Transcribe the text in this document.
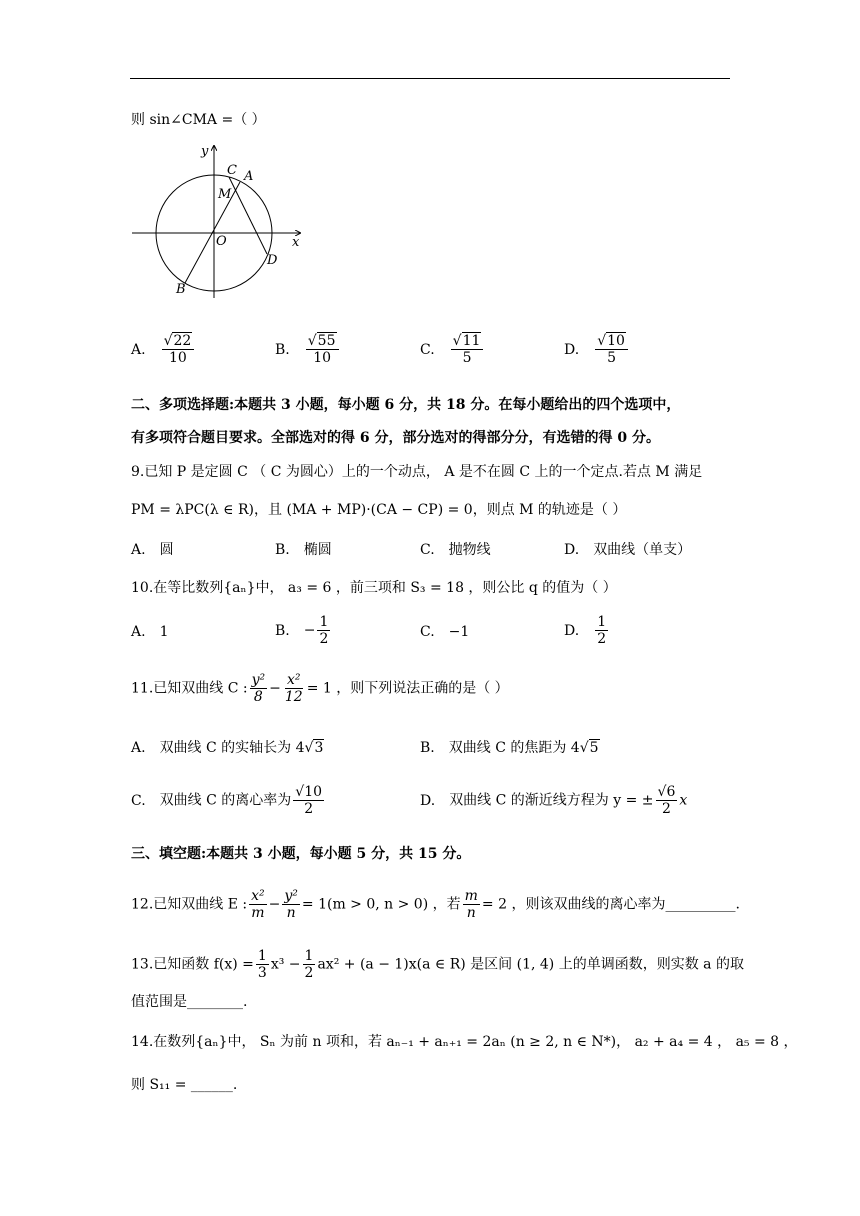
则 sin∠CMA =（ ）
y
x
O
C A
M
D
B
A. $\frac{√22}{10}$	B. $\frac{√55}{10}$	C. $\frac{√11}{5}$	D. $\frac{√10}{5}$
二、多项选择题:本题共 3 小题，每小题 6 分，共 18 分。在每小题给出的四个选项中，
有多项符合题目要求。全部选对的得 6 分，部分选对的得部分分，有选错的得 0 分。
9.已知 P 是定圆 C （ C 为圆心）上的一个动点， A 是不在圆 C 上的一个定点.若点 M 满足
PM = λPC(λ ∈ R)，且 (MA + MP)·(CA − CP) = 0，则点 M 的轨迹是（ ）
A. 圆	B. 椭圆	C. 抛物线	D. 双曲线（单支）
10.在等比数列{aₙ}中， a₃ = 6 ，前三项和 S₃ = 18 ，则公比 q 的值为（ ）
A. 1	B. − $\frac{1}{2}$	C. −1	D. $\frac{1}{2}$
11.已知双曲线 C : $\frac{\text{y²}}{8} - \frac{\text{x²}}{12} = 1$ ，则下列说法正确的是（ ）
A. 双曲线 C 的实轴长为 4√3	B. 双曲线 C 的焦距为 4√5
C. 双曲线 C 的离心率为 $\frac{√10}{2}$	D. 双曲线 C 的渐近线方程为 y = ± $\frac{√6}{2}$ x
三、填空题:本题共 3 小题，每小题 5 分，共 15 分。
12.已知双曲线 E : $\frac{\text{x²}}{m} - \frac{\text{y²}}{n} = 1(m > 0$, n > 0) ，若 $\frac{m}{n} = 2$ ，则该双曲线的离心率为__________.
13.已知函数 $f(x) = \frac{1}{3} x^3 - \frac{1}{2} ax^2 + (a - 1)x(a$ ∈ R) 是区间 (1, 4) 上的单调函数，则实数 a 的取
值范围是________.
14.在数列{aₙ}中， Sₙ 为前 n 项和，若 aₙ₋₁ + aₙ₊₁ = 2aₙ (n ≥ 2, n ∈ N*)， a₂ + a₄ = 4 ， a₅ = 8 ，
则 S₁₁ = ______.
